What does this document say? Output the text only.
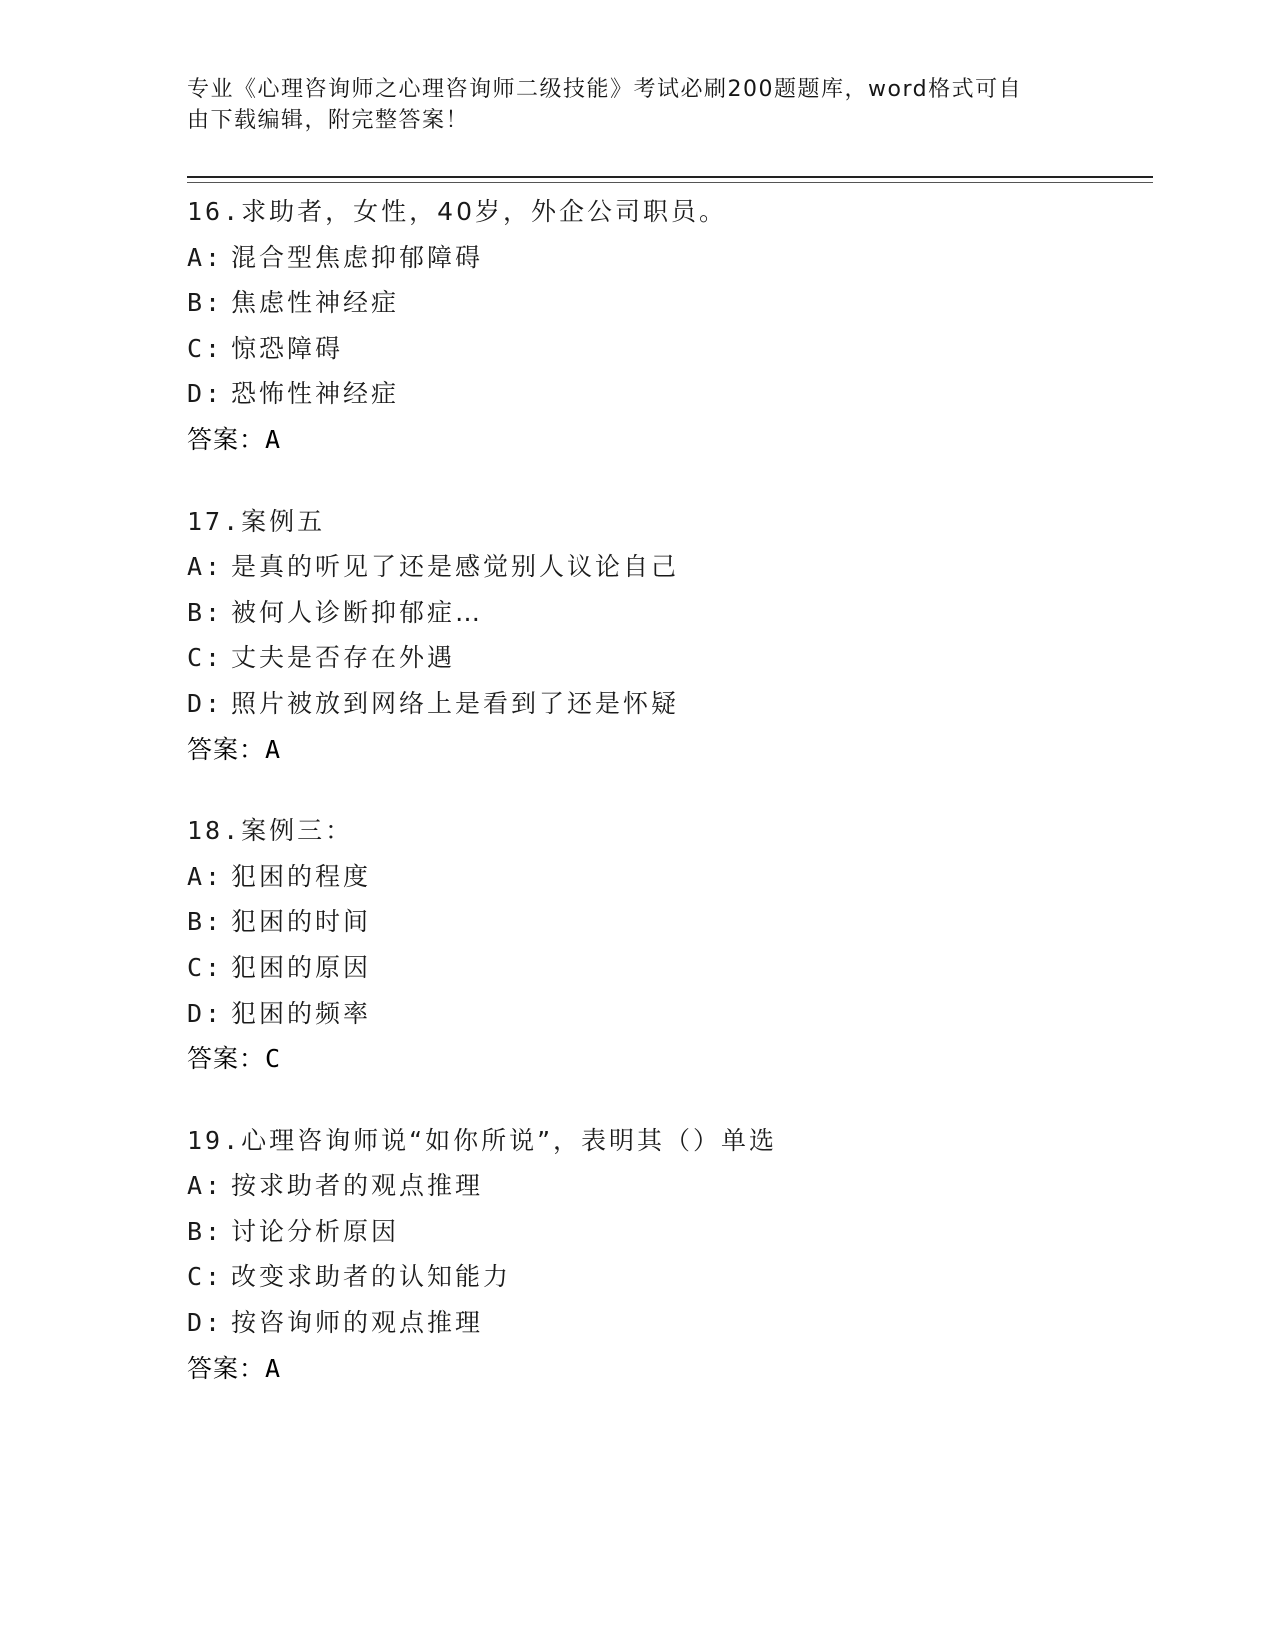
专业《心理咨询师之心理咨询师二级技能》考试必刷200题题库，word格式可自
由下载编辑，附完整答案！
16.求助者，女性，40岁，外企公司职员。
A: 混合型焦虑抑郁障碍
B: 焦虑性神经症
C: 惊恐障碍
D: 恐怖性神经症
答案：A
17.案例五
A: 是真的听见了还是感觉别人议论自己
B: 被何人诊断抑郁症…
C: 丈夫是否存在外遇
D: 照片被放到网络上是看到了还是怀疑
答案：A
18.案例三：
A: 犯困的程度
B: 犯困的时间
C: 犯困的原因
D: 犯困的频率
答案：C
19.心理咨询师说“如你所说”，表明其（）单选
A: 按求助者的观点推理
B: 讨论分析原因
C: 改变求助者的认知能力
D: 按咨询师的观点推理
答案：A
